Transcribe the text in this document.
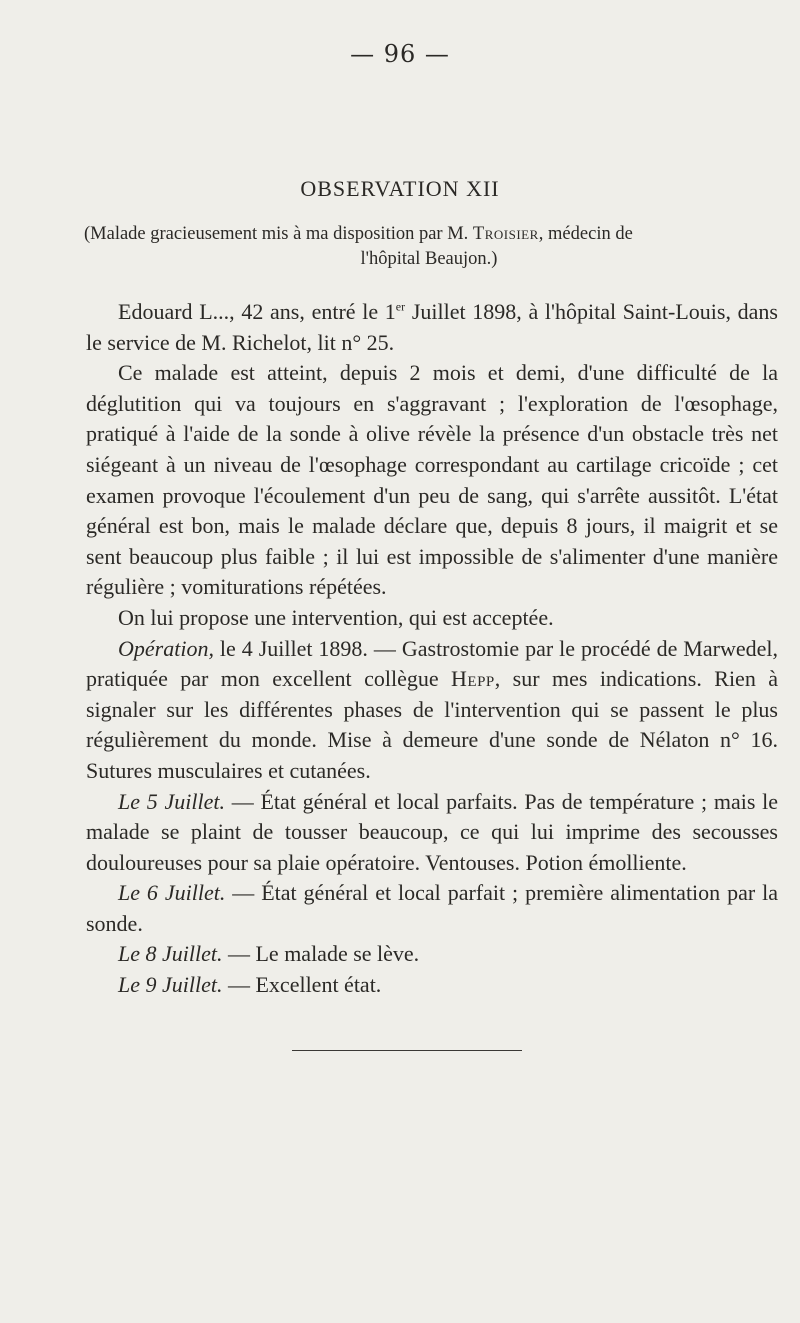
— 96 —
OBSERVATION XII
(Malade gracieusement mis à ma disposition par M. Troisier, médecin de
l'hôpital Beaujon.)

Edouard L..., 42 ans, entré le 1er Juillet 1898, à l'hôpital Saint-Louis, dans le service de M. Richelot, lit n° 25.

Ce malade est atteint, depuis 2 mois et demi, d'une difficulté de la déglutition qui va toujours en s'aggravant ; l'exploration de l'œsophage, pratiqué à l'aide de la sonde à olive révèle la présence d'un obstacle très net siégeant à un niveau de l'œsophage correspondant au cartilage cricoïde ; cet examen provoque l'écoulement d'un peu de sang, qui s'arrête aussitôt. L'état général est bon, mais le malade déclare que, depuis 8 jours, il maigrit et se sent beaucoup plus faible ; il lui est impossible de s'alimenter d'une manière régulière ; vomiturations répétées.

On lui propose une intervention, qui est acceptée.

Opération, le 4 Juillet 1898. — Gastrostomie par le procédé de Marwedel, pratiquée par mon excellent collègue Hepp, sur mes indications. Rien à signaler sur les différentes phases de l'intervention qui se passent le plus régulièrement du monde. Mise à demeure d'une sonde de Nélaton n° 16. Sutures musculaires et cutanées.

Le 5 Juillet. — État général et local parfaits. Pas de température ; mais le malade se plaint de tousser beaucoup, ce qui lui imprime des secousses douloureuses pour sa plaie opératoire. Ventouses. Potion émolliente.

Le 6 Juillet. — État général et local parfait ; première alimentation par la sonde.

Le 8 Juillet. — Le malade se lève.

Le 9 Juillet. — Excellent état.
